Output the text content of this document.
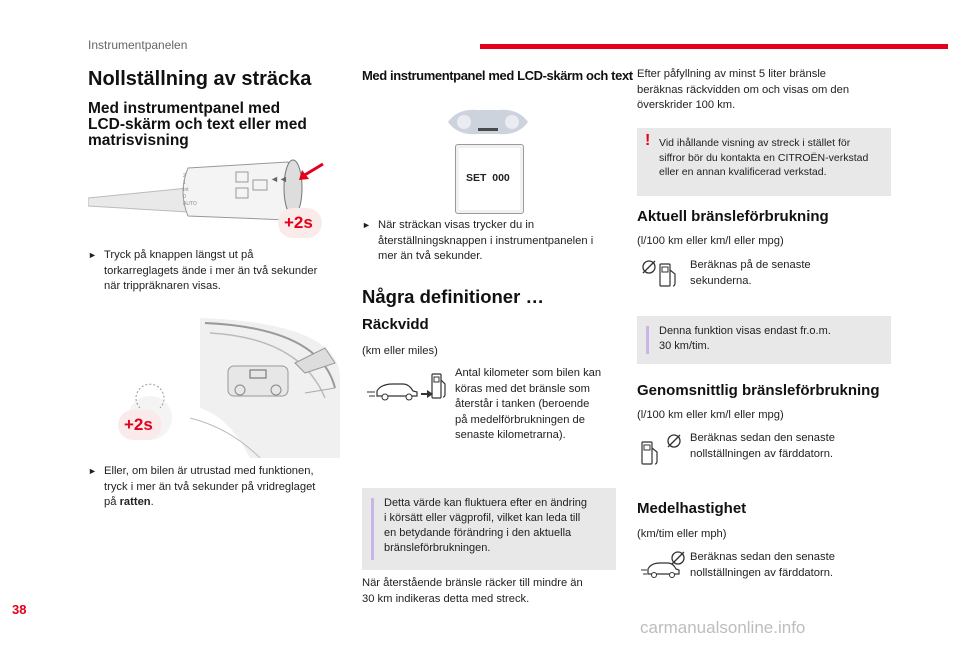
Instrumentpanelen
Nollställning av sträcka
Med instrumentpanel med
LCD-skärm och text eller med
matrisvisning
2
1
Int
0
AUTO
◄◄
+2s
► Tryck på knappen längst ut på
torkarreglagets ände i mer än två sekunder
när trippräknaren visas.
+2s
► Eller, om bilen är utrustad med funktionen,
tryck i mer än två sekunder på vridreglaget
på ratten.
Med instrumentpanel med LCD-skärm och text
SET  000
► När sträckan visas trycker du in
återställningsknappen i instrumentpanelen i
mer än två sekunder.
Några definitioner …
Räckvidd
(km eller miles)
Antal kilometer som bilen kan
köras med det bränsle som
återstår i tanken (beroende
på medelförbrukningen de
senaste kilometrarna).
Detta värde kan fluktuera efter en ändring
i körsätt eller vägprofil, vilket kan leda till
en betydande förändring i den aktuella
bränsleförbrukningen.
När återstående bränsle räcker till mindre än
30 km indikeras detta med streck.
Efter påfyllning av minst 5 liter bränsle
beräknas räckvidden om och visas om den
överskrider 100 km.
! Vid ihållande visning av streck i stället för
siffror bör du kontakta en CITROËN-verkstad
eller en annan kvalificerad verkstad.
Aktuell bränsleförbrukning
(l/100 km eller km/l eller mpg)
Beräknas på de senaste
sekunderna.
Denna funktion visas endast fr.o.m.
30 km/tim.
Genomsnittlig bränsleförbrukning
(l/100 km eller km/l eller mpg)
Beräknas sedan den senaste
nollställningen av färddatorn.
Medelhastighet
(km/tim eller mph)
Beräknas sedan den senaste
nollställningen av färddatorn.
38
carmanualsonline.info
